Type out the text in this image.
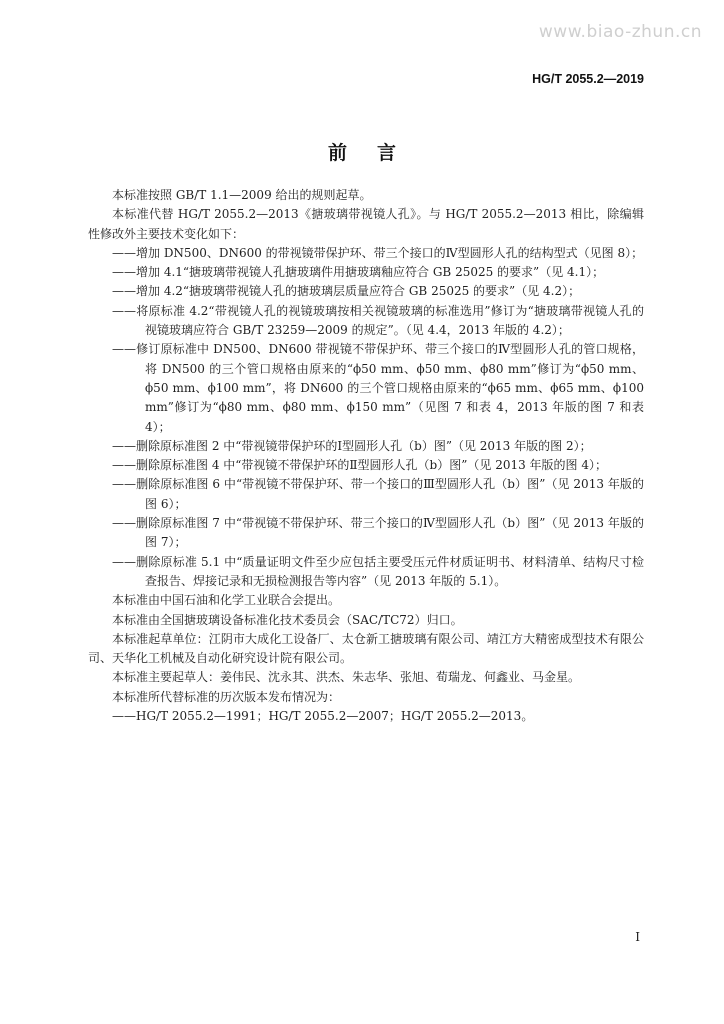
www.biao-zhun.cn
HG/T 2055.2—2019
前言

本标准按照 GB/T 1.1—2009 给出的规则起草。

本标准代替 HG/T 2055.2—2013《搪玻璃带视镜人孔》。与 HG/T 2055.2—2013 相比，除编辑性修改外主要技术变化如下：

——增加 DN500、DN600 的带视镜带保护环、带三个接口的Ⅳ型圆形人孔的结构型式（见图 8）；

——增加 4.1“搪玻璃带视镜人孔搪玻璃件用搪玻璃釉应符合 GB 25025 的要求”（见 4.1）；

——增加 4.2“搪玻璃带视镜人孔的搪玻璃层质量应符合 GB 25025 的要求”（见 4.2）；

——将原标准 4.2“带视镜人孔的视镜玻璃按相关视镜玻璃的标准选用”修订为“搪玻璃带视镜人孔的视镜玻璃应符合 GB/T 23259—2009 的规定”。（见 4.4，2013 年版的 4.2）；

——修订原标准中 DN500、DN600 带视镜不带保护环、带三个接口的Ⅳ型圆形人孔的管口规格，将 DN500 的三个管口规格由原来的“ϕ50 mm、ϕ50 mm、ϕ80 mm”修订为“ϕ50 mm、ϕ50 mm、ϕ100 mm”，将 DN600 的三个管口规格由原来的“ϕ65 mm、ϕ65 mm、ϕ100 mm”修订为“ϕ80 mm、ϕ80 mm、ϕ150 mm”（见图 7 和表 4，2013 年版的图 7 和表 4）；

——删除原标准图 2 中“带视镜带保护环的Ⅰ型圆形人孔（b）图”（见 2013 年版的图 2）；

——删除原标准图 4 中“带视镜不带保护环的Ⅱ型圆形人孔（b）图”（见 2013 年版的图 4）；

——删除原标准图 6 中“带视镜不带保护环、带一个接口的Ⅲ型圆形人孔（b）图”（见 2013 年版的图 6）；

——删除原标准图 7 中“带视镜不带保护环、带三个接口的Ⅳ型圆形人孔（b）图”（见 2013 年版的图 7）；

——删除原标准 5.1 中“质量证明文件至少应包括主要受压元件材质证明书、材料清单、结构尺寸检查报告、焊接记录和无损检测报告等内容”（见 2013 年版的 5.1）。

本标准由中国石油和化学工业联合会提出。

本标准由全国搪玻璃设备标准化技术委员会（SAC/TC72）归口。

本标准起草单位：江阴市大成化工设备厂、太仓新工搪玻璃有限公司、靖江方大精密成型技术有限公司、天华化工机械及自动化研究设计院有限公司。

本标准主要起草人：姜伟民、沈永其、洪杰、朱志华、张旭、荀瑞龙、何鑫业、马金星。

本标准所代替标准的历次版本发布情况为：

——HG/T 2055.2—1991；HG/T 2055.2—2007；HG/T 2055.2—2013。

Ⅰ
